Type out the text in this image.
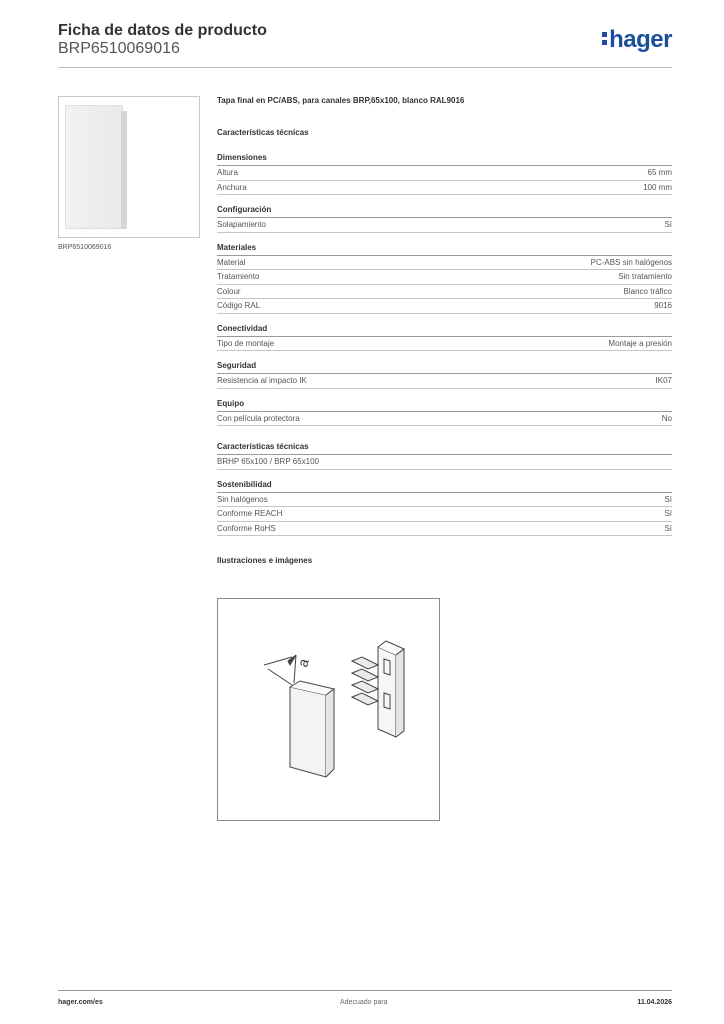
Ficha de datos de producto
BRP6510069016	hager
BRP6510069016
Tapa final en PC/ABS, para canales BRP,65x100, blanco RAL9016
Características técnicas
Dimensiones
Altura	65 mm
Anchura	100 mm
Configuración
Solapamiento	Sí
Materiales
Material	PC-ABS sin halógenos
Tratamiento	Sin tratamiento
Colour	Blanco tráfico
Código RAL	9016
Conectividad
Tipo de montaje	Montaje a presión
Seguridad
Resistencia al impacto IK	IK07
Equipo
Con película protectora	No
Características técnicas
BRHP 65x100 / BRP 65x100
Sostenibilidad
Sin halógenos	Sí
Conforme REACH	Sí
Conforme RoHS	Sí
Ilustraciones e imágenes
a
hager.com/es	Adecuado para	11.04.2026
